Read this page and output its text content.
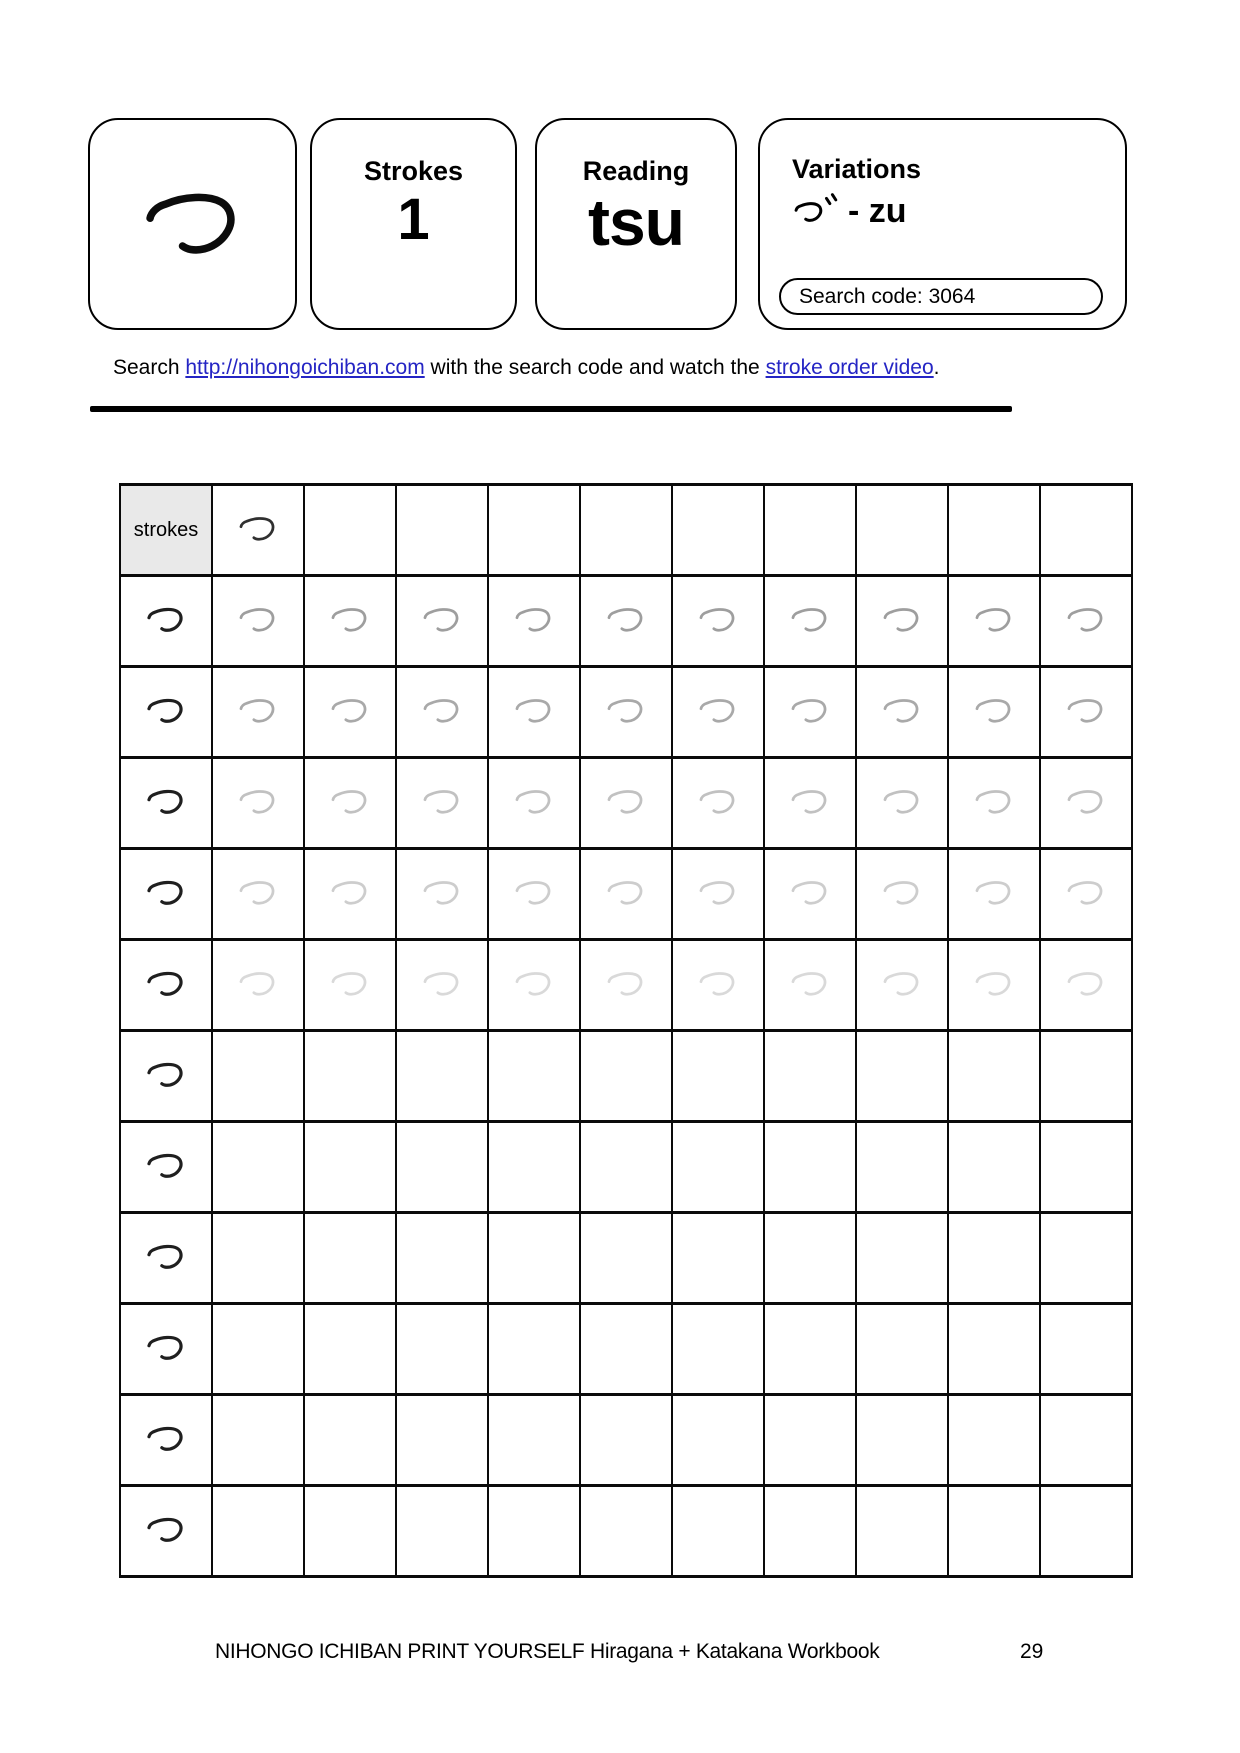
Strokes
1
Reading
tsu
Variations
- zu
Search code: 3064

Search http://nihongoichiban.com with the search code and watch the stroke order video.

strokes
NIHONGO ICHIBAN PRINT YOURSELF Hiragana + Katakana Workbook	29
